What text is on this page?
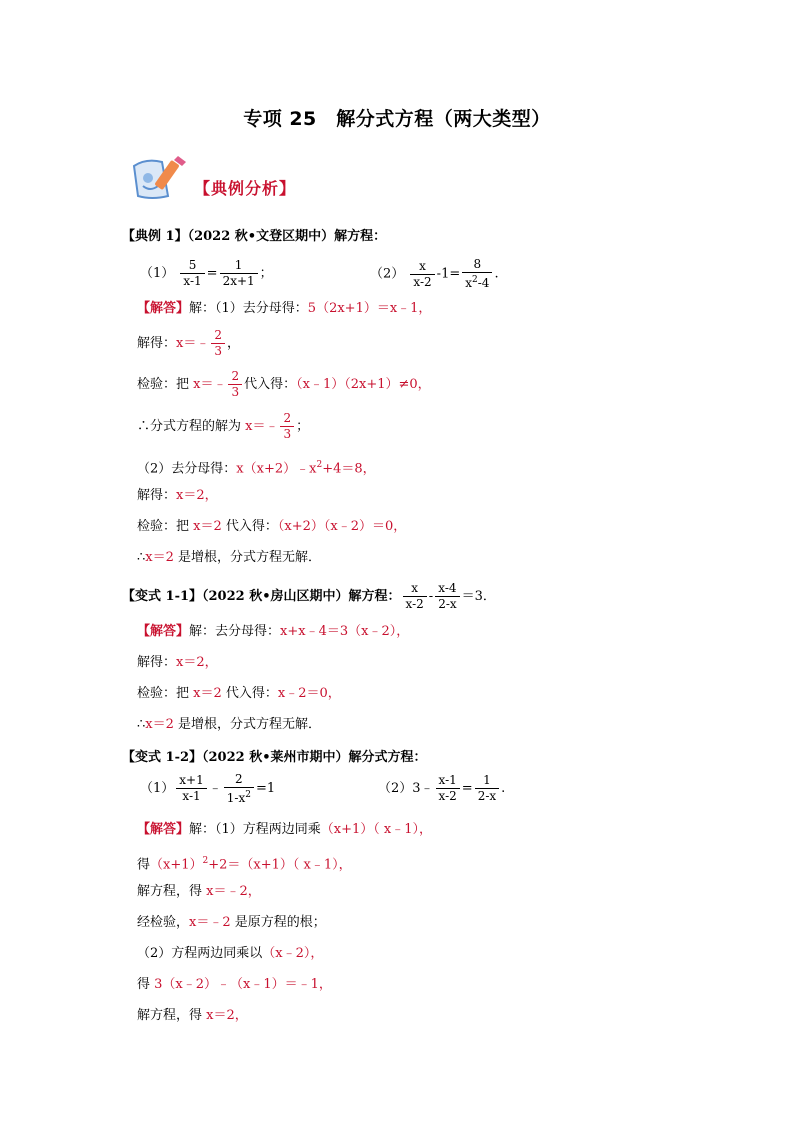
专项 25　解分式方程（两大类型）
【典例分析】
【典例 1】（2022 秋•文登区期中）解方程：
$(1) \frac{5}{x-1} = \frac{1}{2x+1}$ ；	$(2) \frac{x}{x-2} -1= \frac{8}{x^2-4}$ .
【解答】解：（1）去分母得：5（2x+1）＝x﹣1，
解得：x＝﹣ $\frac{2}{3}$ ，
检验：把 x＝﹣ $\frac{2}{3}$ 代入得：（x﹣1）（2x+1）≠0，
∴分式方程的解为 x＝﹣ $\frac{2}{3}$ ；
（2）去分母得：$x(x+2)﹣x^2+4=8$，
解得：x＝2，
检验：把 x＝2 代入得：（x+2）（x﹣2）＝0，
∴x＝2 是增根，分式方程无解．
【变式 1-1】（2022 秋•房山区期中）解方程： $\frac{x}{x-2} - \frac{x-4}{2-x} =3$．
【解答】解：去分母得：x+x﹣4＝3（x﹣2），
解得：x＝2，
检验：把 x＝2 代入得：x﹣2＝0，
∴x＝2 是增根，分式方程无解．
【变式 1-2】（2022 秋•莱州市期中）解分式方程：
$(1) \frac{x+1}{x-1}$ ﹣ $\frac{2}{1-x^2} =1$	（2）3﹣ $\frac{x-1}{x-2} = \frac{1}{2-x}$ .
【解答】解：（1）方程两边同乘（x+1）（ x﹣1），
得$(x+1)^2+2=(x+1)$（ x﹣1），
解方程，得 x＝﹣2，
经检验，x＝﹣2 是原方程的根；
（2）方程两边同乘以（x﹣2），
得 3（x﹣2）﹣（x﹣1）＝﹣1，
解方程，得 x＝2，
